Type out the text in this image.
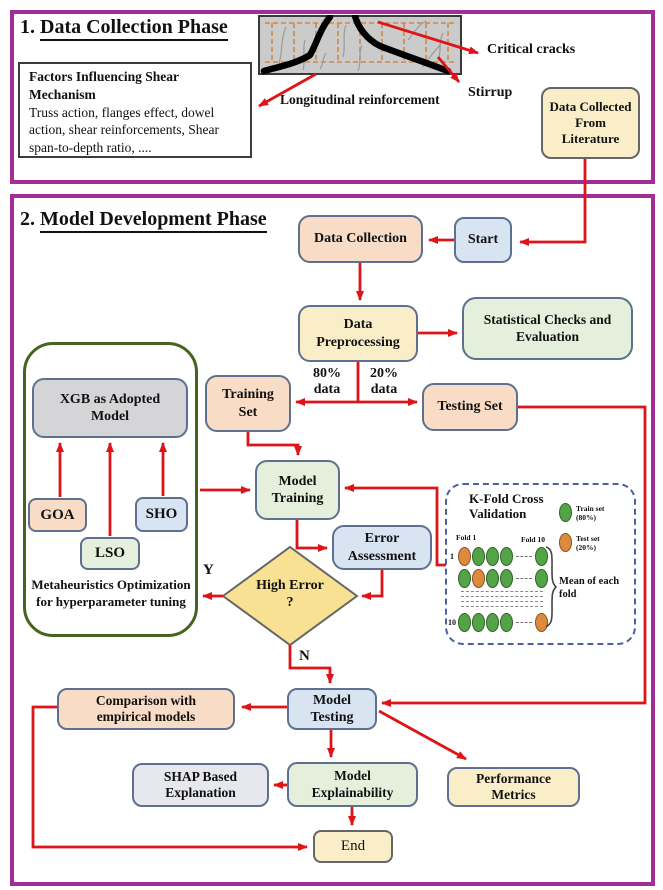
1. Data Collection Phase
Factors Influencing Shear Mechanism
Truss action, flanges effect, dowel action, shear reinforcements, Shear span-to-depth ratio, ....
Critical cracks
Stirrup
Longitudinal reinforcement	Data Collected From Literature
2. Model Development Phase
Data Collection	Start
Data Preprocessing
Statistical Checks and Evaluation
Training Set	Testing Set
80% data
20% data
XGB as Adopted Model
GOA	SHO
LSO
Metaheuristics Optimization for hyperparameter tuning
Model Training
Error Assessment
High Error ?
Y
N
K-Fold Cross Validation	Train set (80%)
Test set (20%)
Fold 1	Fold 10
1
10
Mean of each fold
Model Testing
Comparison with empirical models
SHAP Based Explanation
Model Explainability
Performance Metrics
End
